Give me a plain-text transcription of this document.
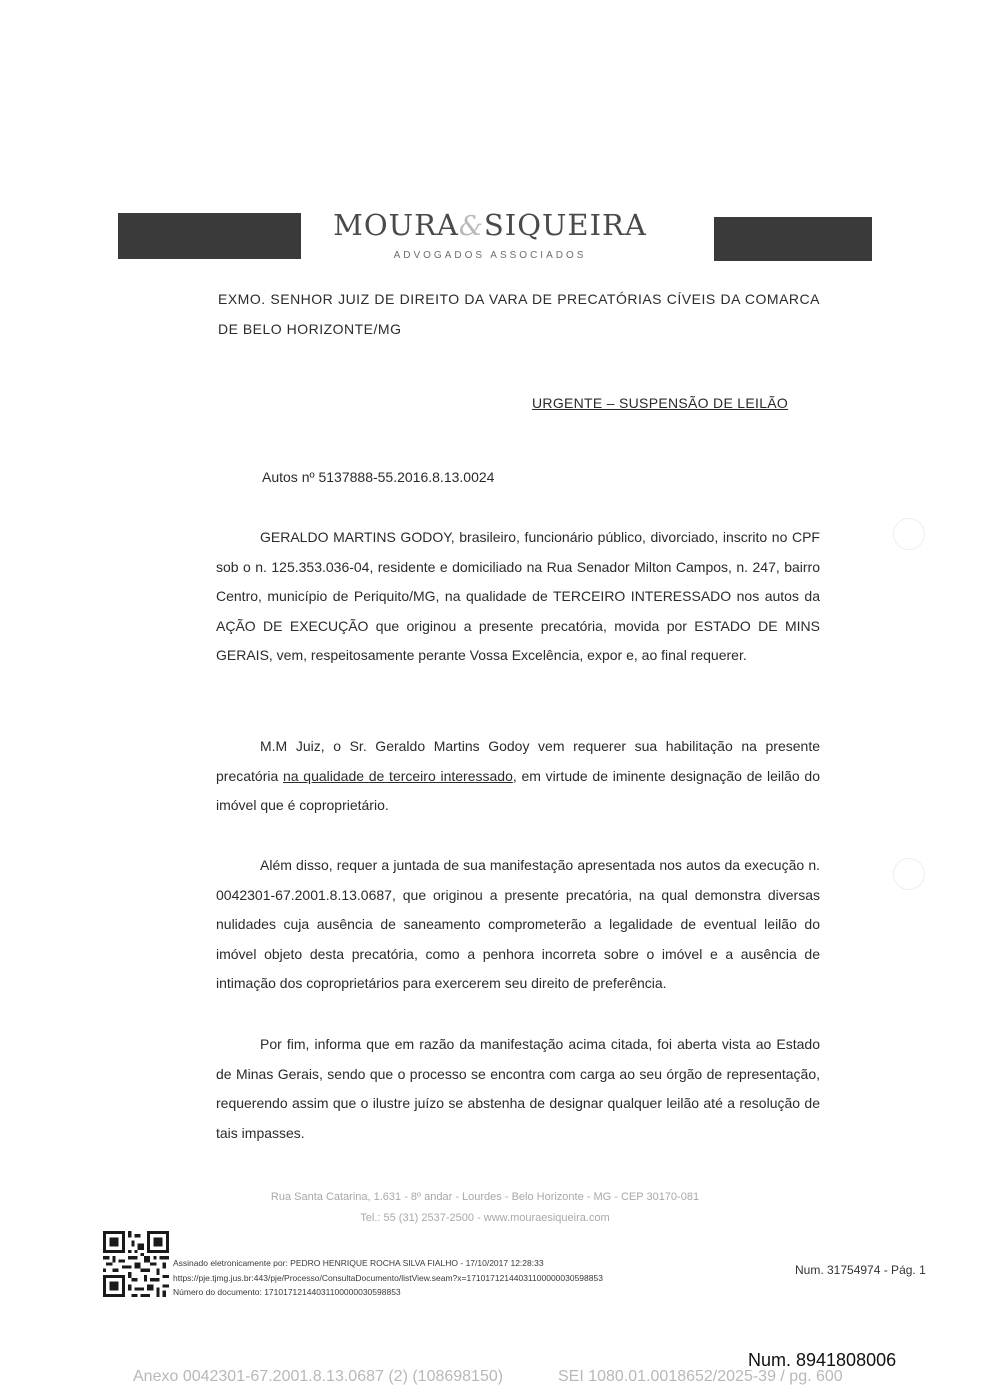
MOURA&SIQUEIRA
ADVOGADOS ASSOCIADOS
EXMO. SENHOR JUIZ DE DIREITO DA VARA DE PRECATÓRIAS CÍVEIS DA COMARCA DE BELO HORIZONTE/MG
URGENTE – SUSPENSÃO DE LEILÃO
Autos nº 5137888-55.2016.8.13.0024
GERALDO MARTINS GODOY, brasileiro, funcionário público, divorciado, inscrito no CPF sob o n. 125.353.036-04, residente e domiciliado na Rua Senador Milton Campos, n. 247, bairro Centro, município de Periquito/MG, na qualidade de TERCEIRO INTERESSADO nos autos da AÇÃO DE EXECUÇÃO que originou a presente precatória, movida por ESTADO DE MINS GERAIS, vem, respeitosamente perante Vossa Excelência, expor e, ao final requerer.
M.M Juiz, o Sr. Geraldo Martins Godoy vem requerer sua habilitação na presente precatória na qualidade de terceiro interessado, em virtude de iminente designação de leilão do imóvel que é coproprietário.
Além disso, requer a juntada de sua manifestação apresentada nos autos da execução n. 0042301-67.2001.8.13.0687, que originou a presente precatória, na qual demonstra diversas nulidades cuja ausência de saneamento comprometerão a legalidade de eventual leilão do imóvel objeto desta precatória, como a penhora incorreta sobre o imóvel e a ausência de intimação dos coproprietários para exercerem seu direito de preferência.
Por fim, informa que em razão da manifestação acima citada, foi aberta vista ao Estado de Minas Gerais, sendo que o processo se encontra com carga ao seu órgão de representação, requerendo assim que o ilustre juízo se abstenha de designar qualquer leilão até a resolução de tais impasses.
Rua Santa Catarina, 1.631 - 8º andar - Lourdes - Belo Horizonte - MG - CEP 30170-081
Tel.: 55 (31) 2537-2500 - www.mouraesiqueira.com
Assinado eletronicamente por: PEDRO HENRIQUE ROCHA SILVA FIALHO - 17/10/2017 12:28:33
https://pje.tjmg.jus.br:443/pje/Processo/ConsultaDocumento/listView.seam?x=17101712144031100000030598853
Número do documento: 17101712144031100000030598853
Num. 31754974 - Pág. 1
Num. 8941808006
Anexo 0042301-67.2001.8.13.0687 (2) (108698150)	SEI 1080.01.0018652/2025-39 / pg. 600
